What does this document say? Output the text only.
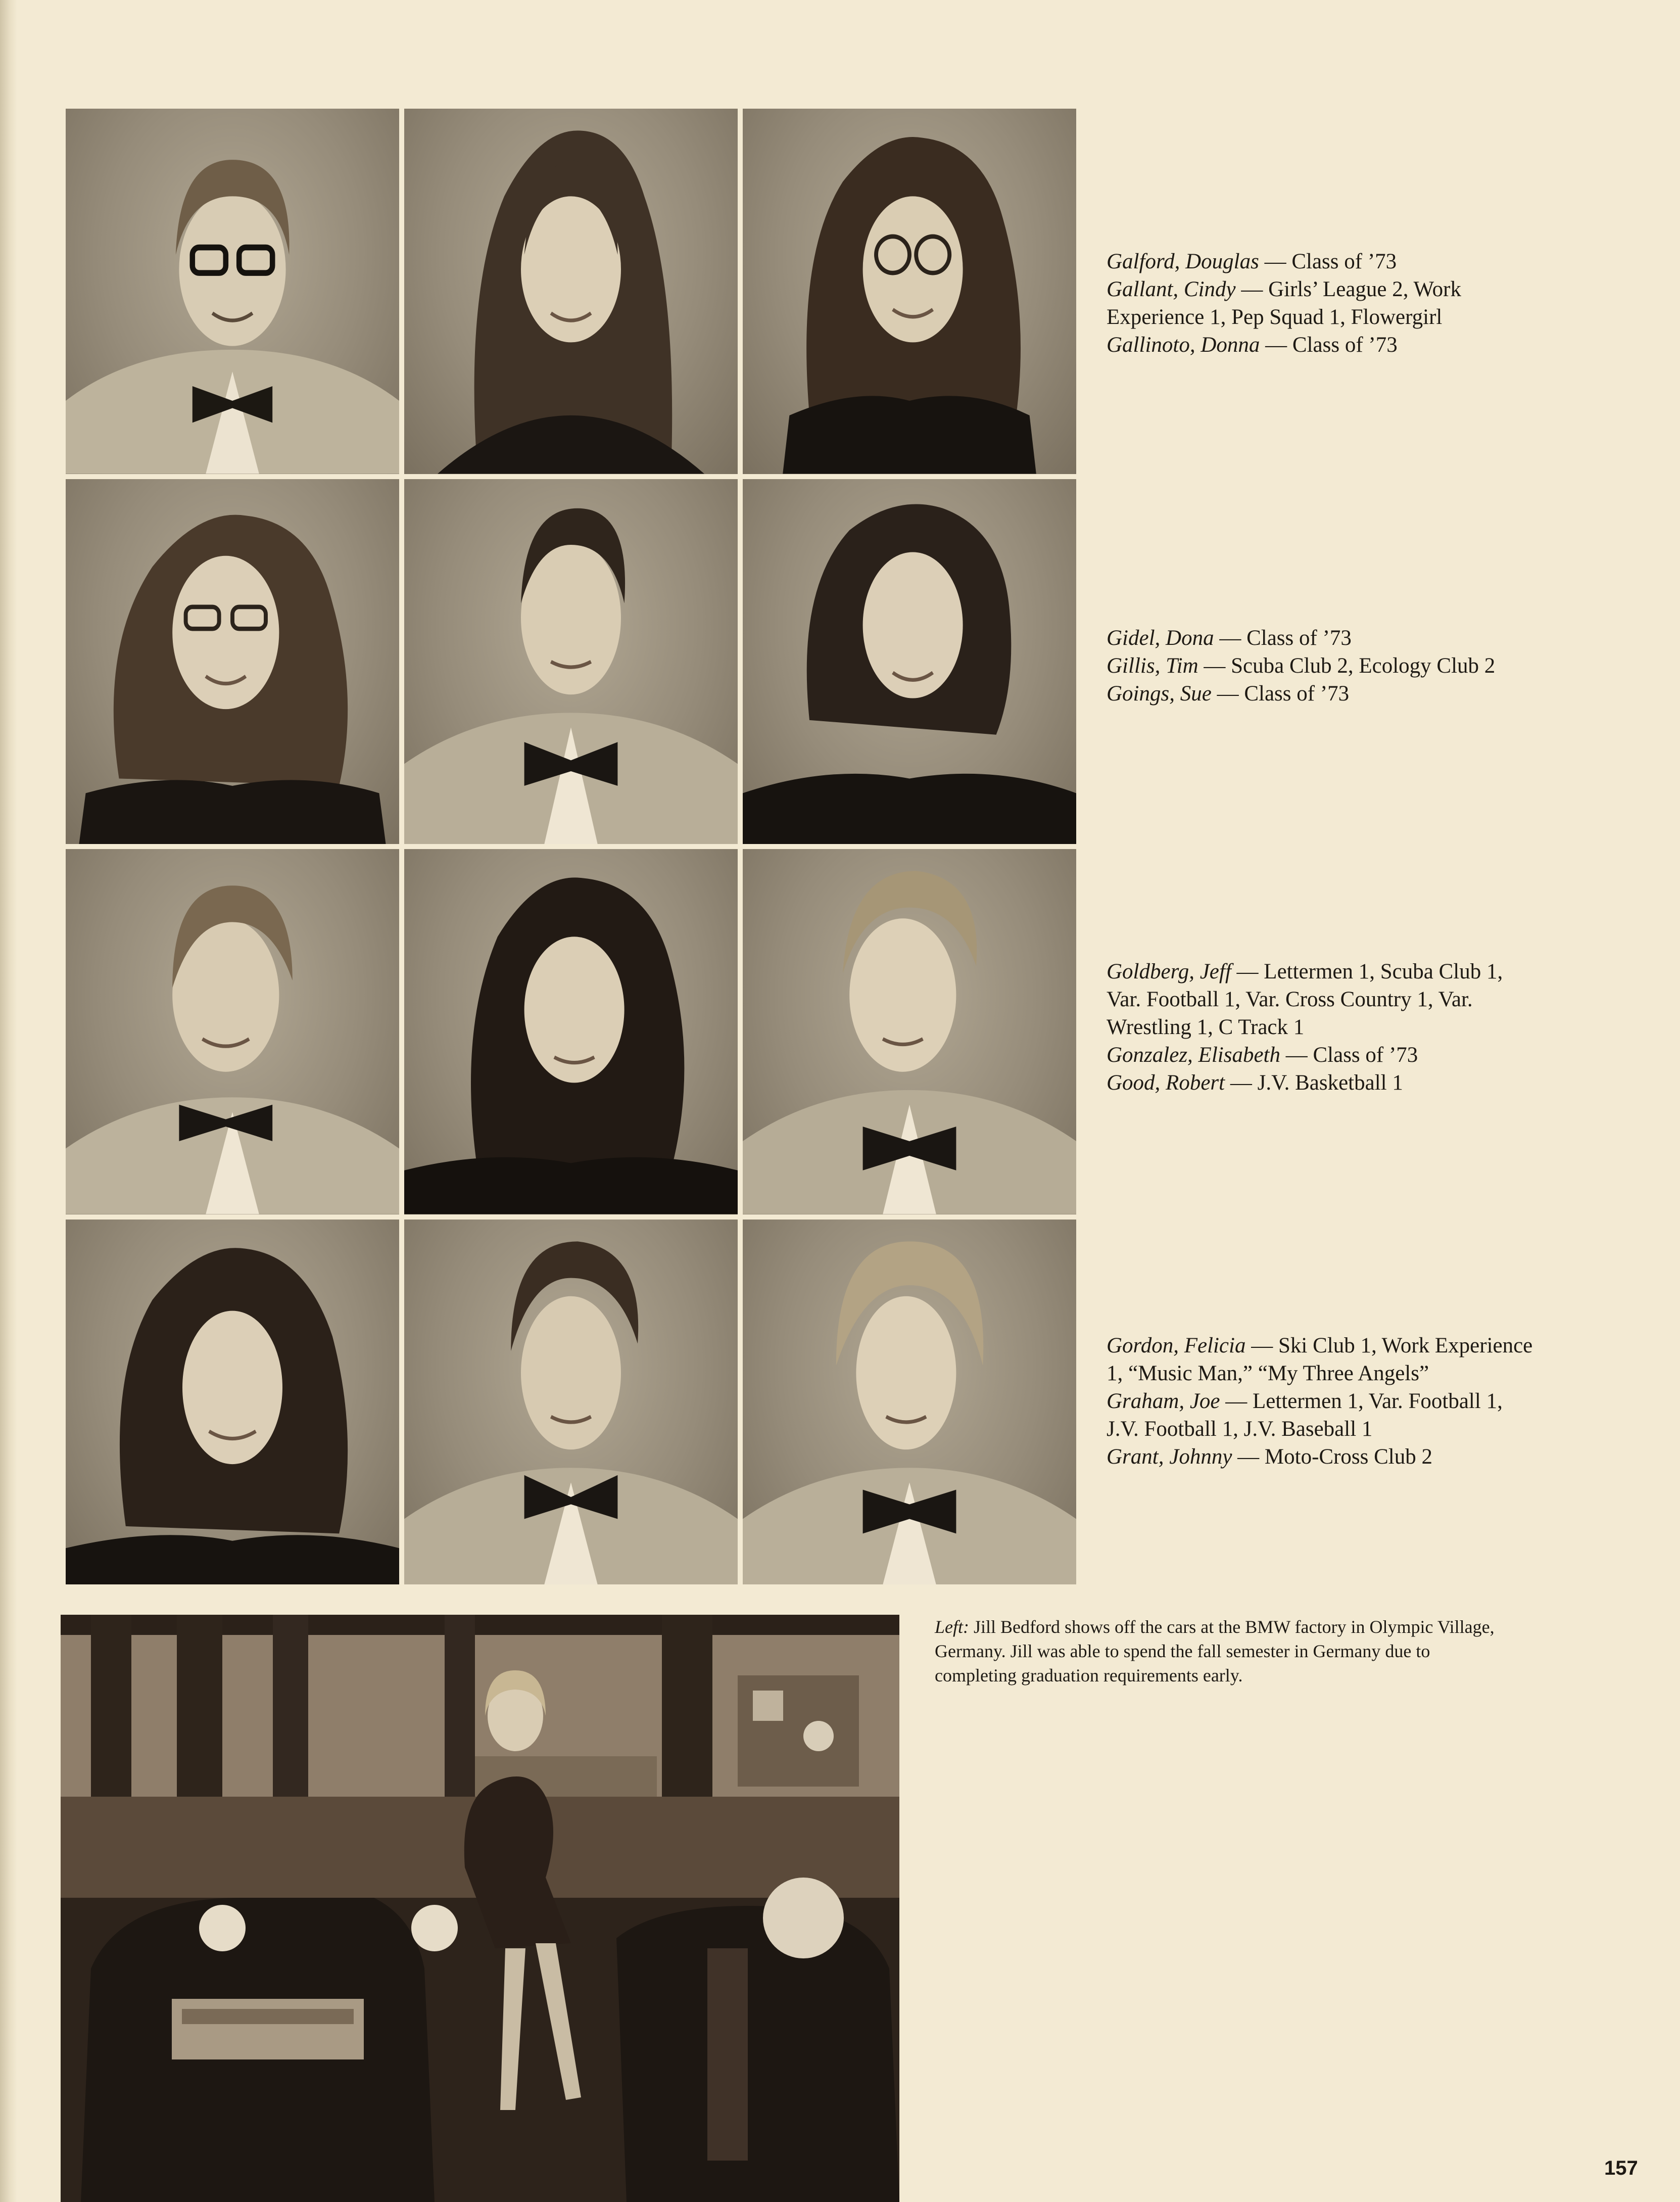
Galford, Douglas — Class of ’73

Gallant, Cindy — Girls’ League 2, Work

Experience 1, Pep Squad 1, Flowergirl

Gallinoto, Donna — Class of ’73

Gidel, Dona — Class of ’73

Gillis, Tim — Scuba Club 2, Ecology Club 2

Goings, Sue — Class of ’73

Goldberg, Jeff — Lettermen 1, Scuba Club 1,

Var. Football 1, Var. Cross Country 1, Var.

Wrestling 1, C Track 1

Gonzalez, Elisabeth — Class of ’73

Good, Robert — J.V. Basketball 1

Gordon, Felicia — Ski Club 1, Work Experience

1, “Music Man,” “My Three Angels”

Graham, Joe — Lettermen 1, Var. Football 1,

J.V. Football 1, J.V. Baseball 1

Grant, Johnny — Moto-Cross Club 2

Left: Jill Bedford shows off the cars at the BMW factory in Olympic Village, Germany. Jill was able to spend the fall semester in Germany due to completing graduation requirements early.
157
